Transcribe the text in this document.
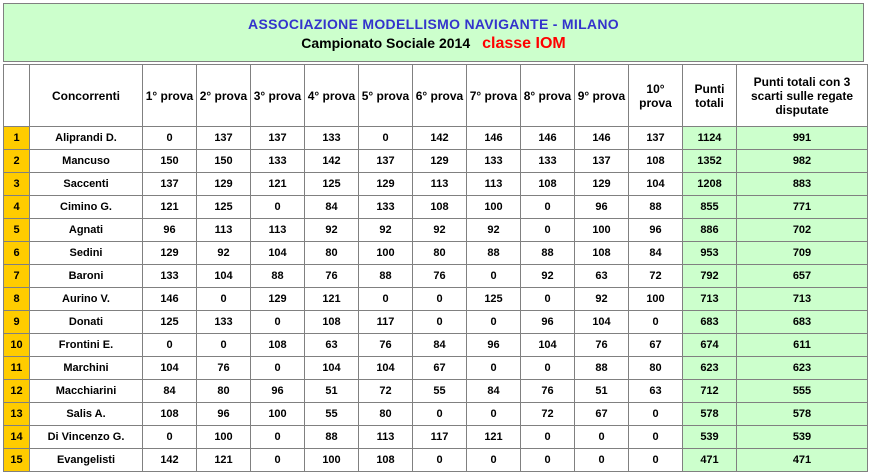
ASSOCIAZIONE MODELLISMO NAVIGANTE - MILANO
Campionato Sociale 2014 classe IOM
	Concorrenti	1° prova	2° prova	3° prova	4° prova	5° prova	6° prova	7° prova	8° prova	9° prova	10° prova	Punti totali	Punti totali con 3 scarti sulle regate disputate
1	Aliprandi D.	0	137	137	133	0	142	146	146	146	137	1124	991
2	Mancuso	150	150	133	142	137	129	133	133	137	108	1352	982
3	Saccenti	137	129	121	125	129	113	113	108	129	104	1208	883
4	Cimino G.	121	125	0	84	133	108	100	0	96	88	855	771
5	Agnati	96	113	113	92	92	92	92	0	100	96	886	702
6	Sedini	129	92	104	80	100	80	88	88	108	84	953	709
7	Baroni	133	104	88	76	88	76	0	92	63	72	792	657
8	Aurino V.	146	0	129	121	0	0	125	0	92	100	713	713
9	Donati	125	133	0	108	117	0	0	96	104	0	683	683
10	Frontini E.	0	0	108	63	76	84	96	104	76	67	674	611
11	Marchini	104	76	0	104	104	67	0	0	88	80	623	623
12	Macchiarini	84	80	96	51	72	55	84	76	51	63	712	555
13	Salis A.	108	96	100	55	80	0	0	72	67	0	578	578
14	Di Vincenzo G.	0	100	0	88	113	117	121	0	0	0	539	539
15	Evangelisti	142	121	0	100	108	0	0	0	0	0	471	471
